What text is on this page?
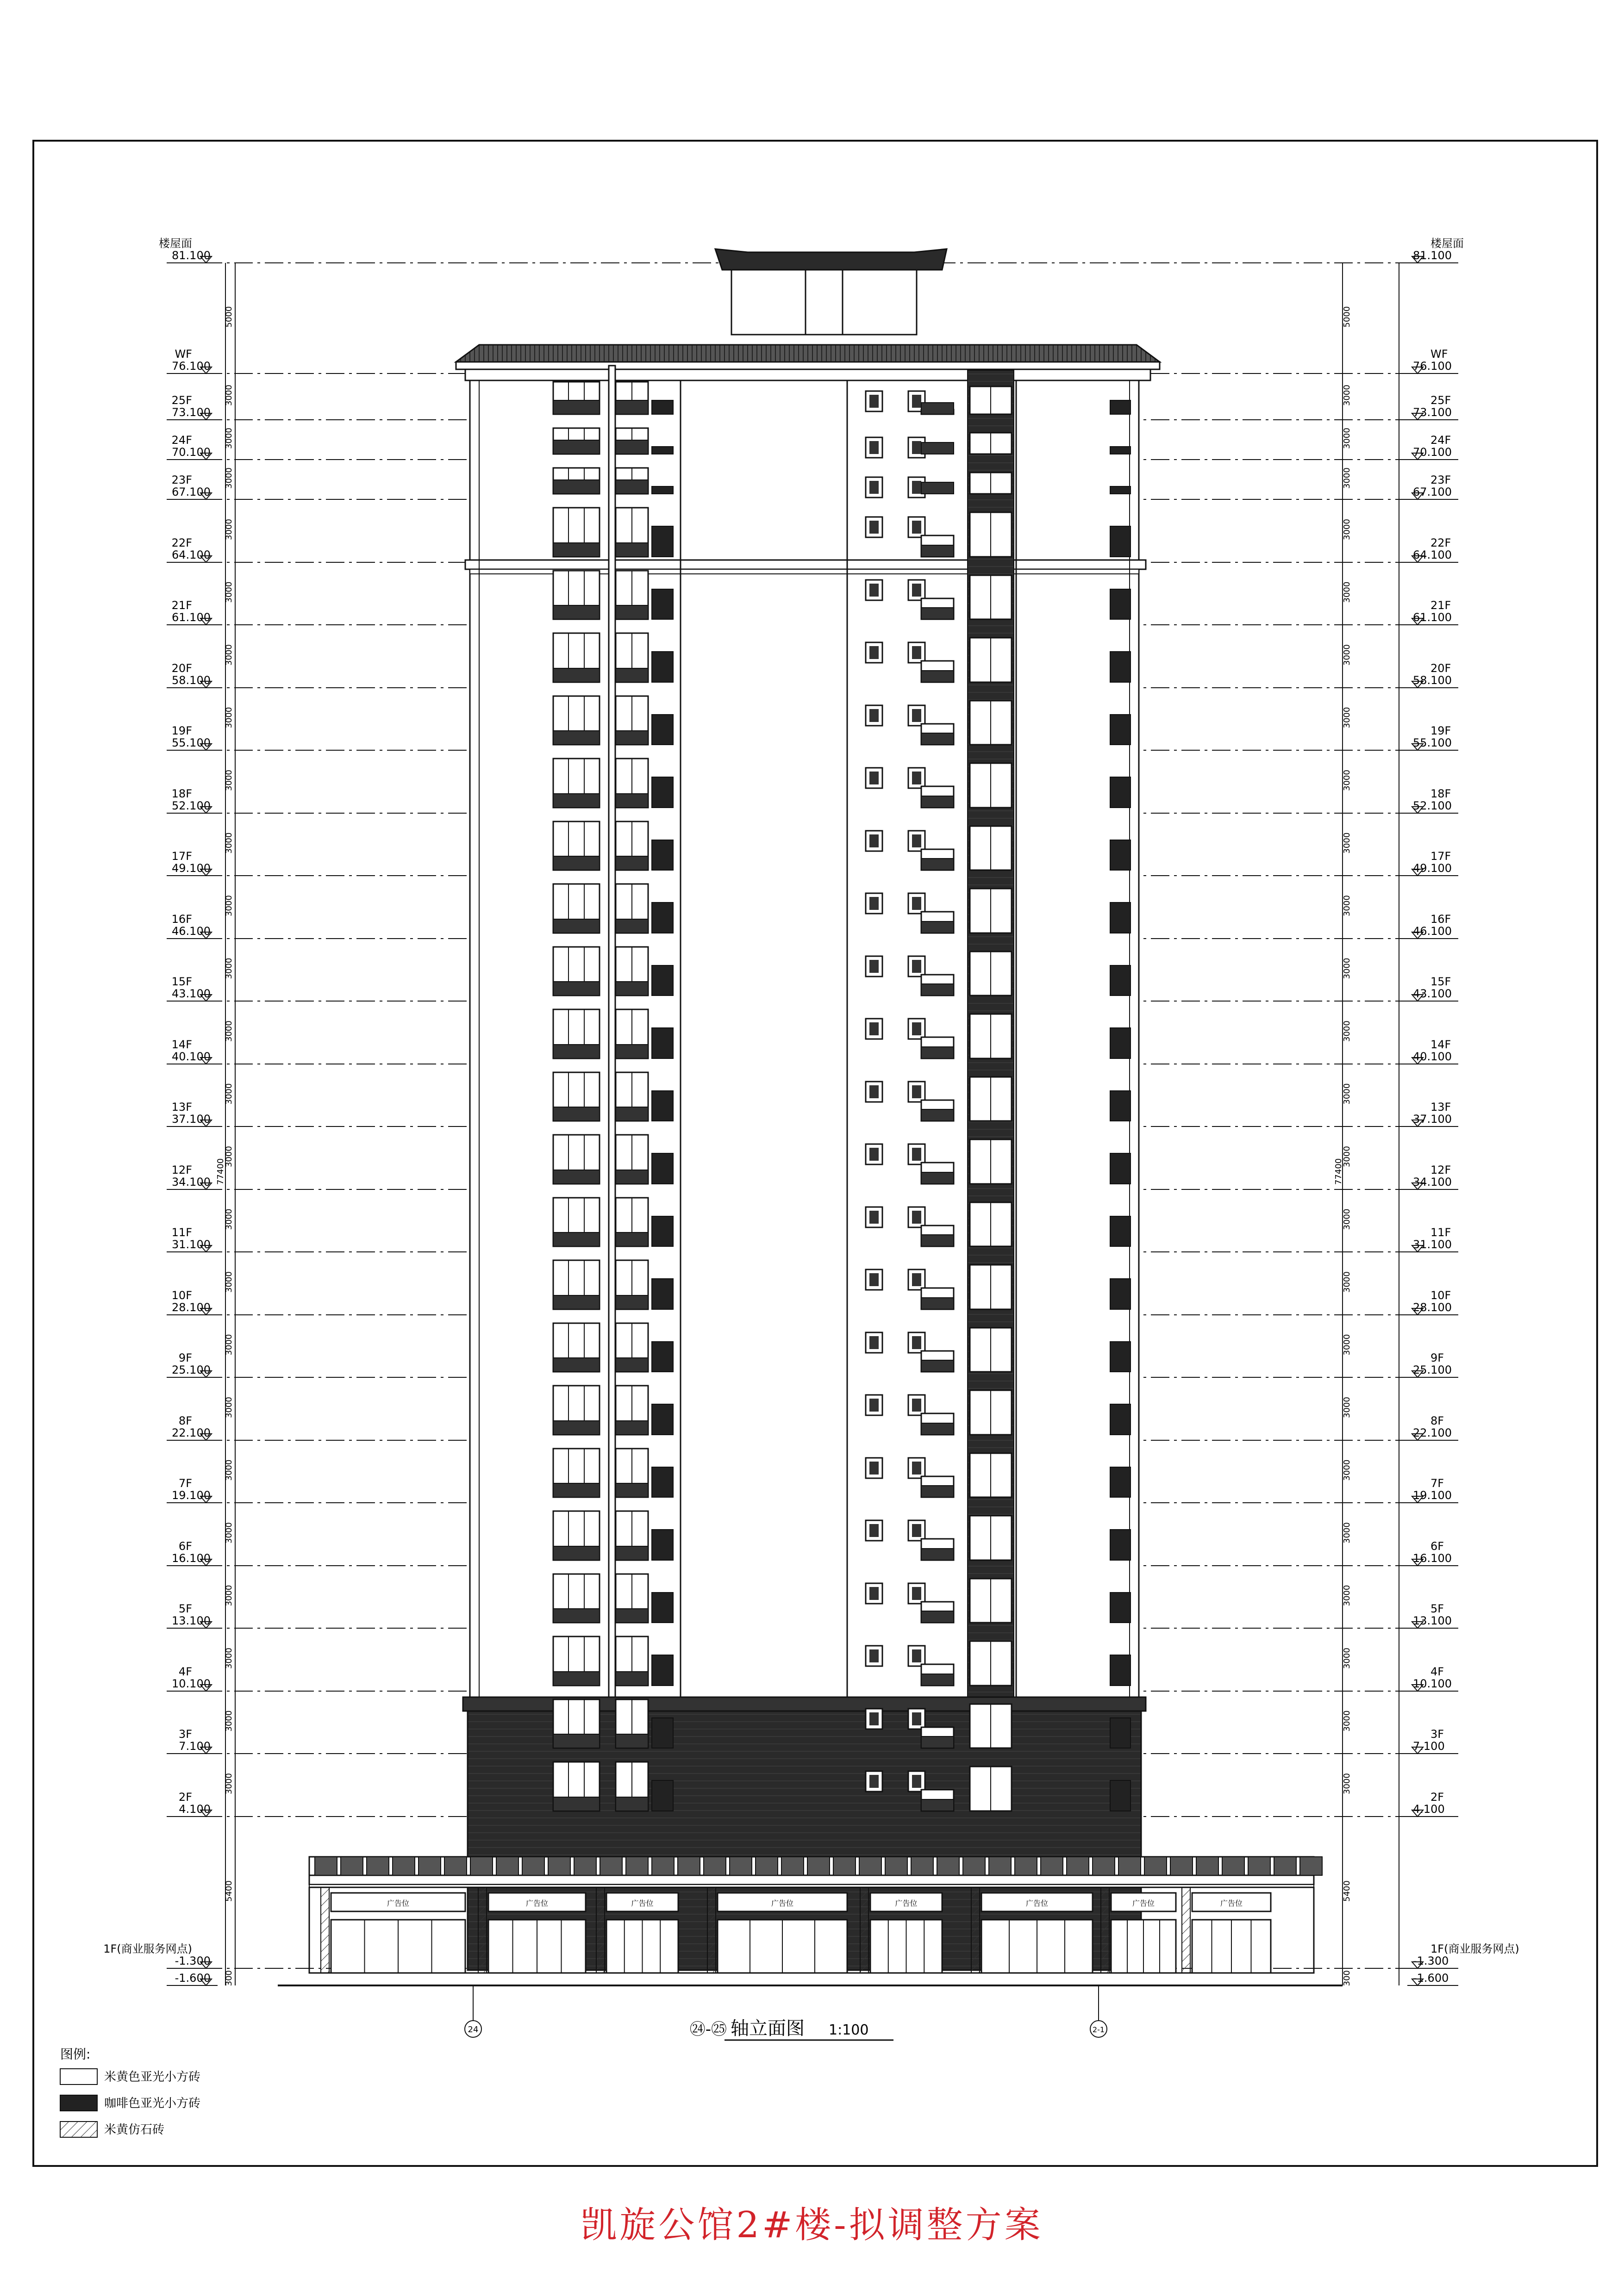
广告位	广告位	广告位	广告位	广告位	广告位	广告位	广告位
楼屋面
81.100
WF
76.100
5000
25F
73.100
3000
24F
70.100
3000
23F
67.100
3000
22F
64.100
3000
21F
61.100
3000
20F
58.100
3000
19F
55.100
3000
18F
52.100
3000
17F
49.100
3000
16F
46.100
3000
15F
43.100
3000
14F
40.100
3000
13F
37.100
3000
12F
34.100
3000
11F
31.100
3000
10F
28.100
3000
9F
25.100
3000
8F
22.100
3000
7F
19.100
3000
6F
16.100
3000
5F
13.100
3000
4F
10.100
3000
3F
7.100
3000
2F
4.100
3000
1F(商业服务网点)
-1.300
5400
-1.600 300
77400
楼屋面
81.100
WF
76.100
5000
25F
73.100
3000
24F
70.100
3000
23F
67.100
3000
22F
64.100
3000
21F
61.100
3000
20F
58.100
3000
19F
55.100
3000
18F
52.100
3000
17F
49.100
3000
16F
46.100
3000
15F
43.100
3000
14F
40.100
3000
13F
37.100
3000
12F
34.100
3000
11F
31.100
3000
10F
28.100
3000
9F
25.100
3000
8F
22.100
3000
7F
19.100
3000
6F
16.100
3000
5F
13.100
3000
4F
10.100
3000
3F
7.100
3000
2F
4.100
3000
1F(商业服务网点)
-1.300
5400
-1.600
300
77400
24	2-1
㉔-㉕ 轴立面图 1:100
图例:
米黄色亚光小方砖
咖啡色亚光小方砖
米黄仿石砖
凯旋公馆2#楼-拟调整方案
